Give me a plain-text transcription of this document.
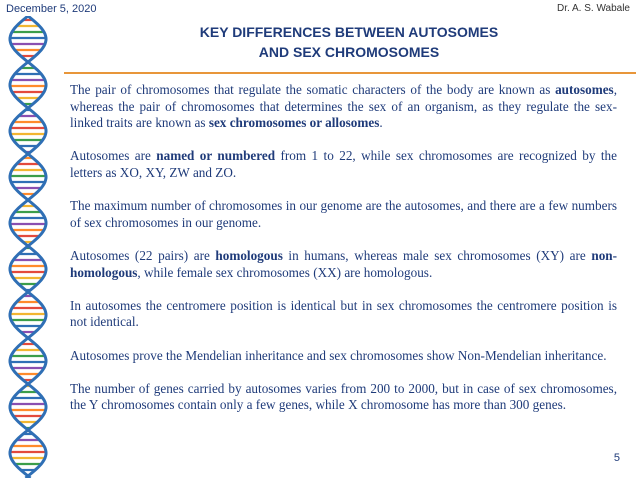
December 5, 2020	Dr. A. S. Wabale
KEY DIFFERENCES BETWEEN AUTOSOMES
AND SEX CHROMOSOMES

The pair of chromosomes that regulate the somatic characters of the body are known as autosomes, whereas the pair of chromosomes that determines the sex of an organism, as they regulate the sex-linked traits are known as sex chromosomes or allosomes.

Autosomes are named or numbered from 1 to 22, while sex chromosomes are recognized by the letters as XO, XY, ZW and ZO.

The maximum number of chromosomes in our genome are the autosomes, and there are a few numbers of sex chromosomes in our genome.

Autosomes (22 pairs) are homologous in humans, whereas male sex chromosomes (XY) are non-homologous, while female sex chromosomes (XX) are homologous.

In autosomes the centromere position is identical but in sex chromosomes the centromere position is not identical.

Autosomes prove the Mendelian inheritance and sex chromosomes show Non-Mendelian inheritance.

The number of genes carried by autosomes varies from 200 to 2000, but in case of sex chromosomes, the Y chromosomes contain only a few genes, while X chromosome has more than 300 genes.

5
